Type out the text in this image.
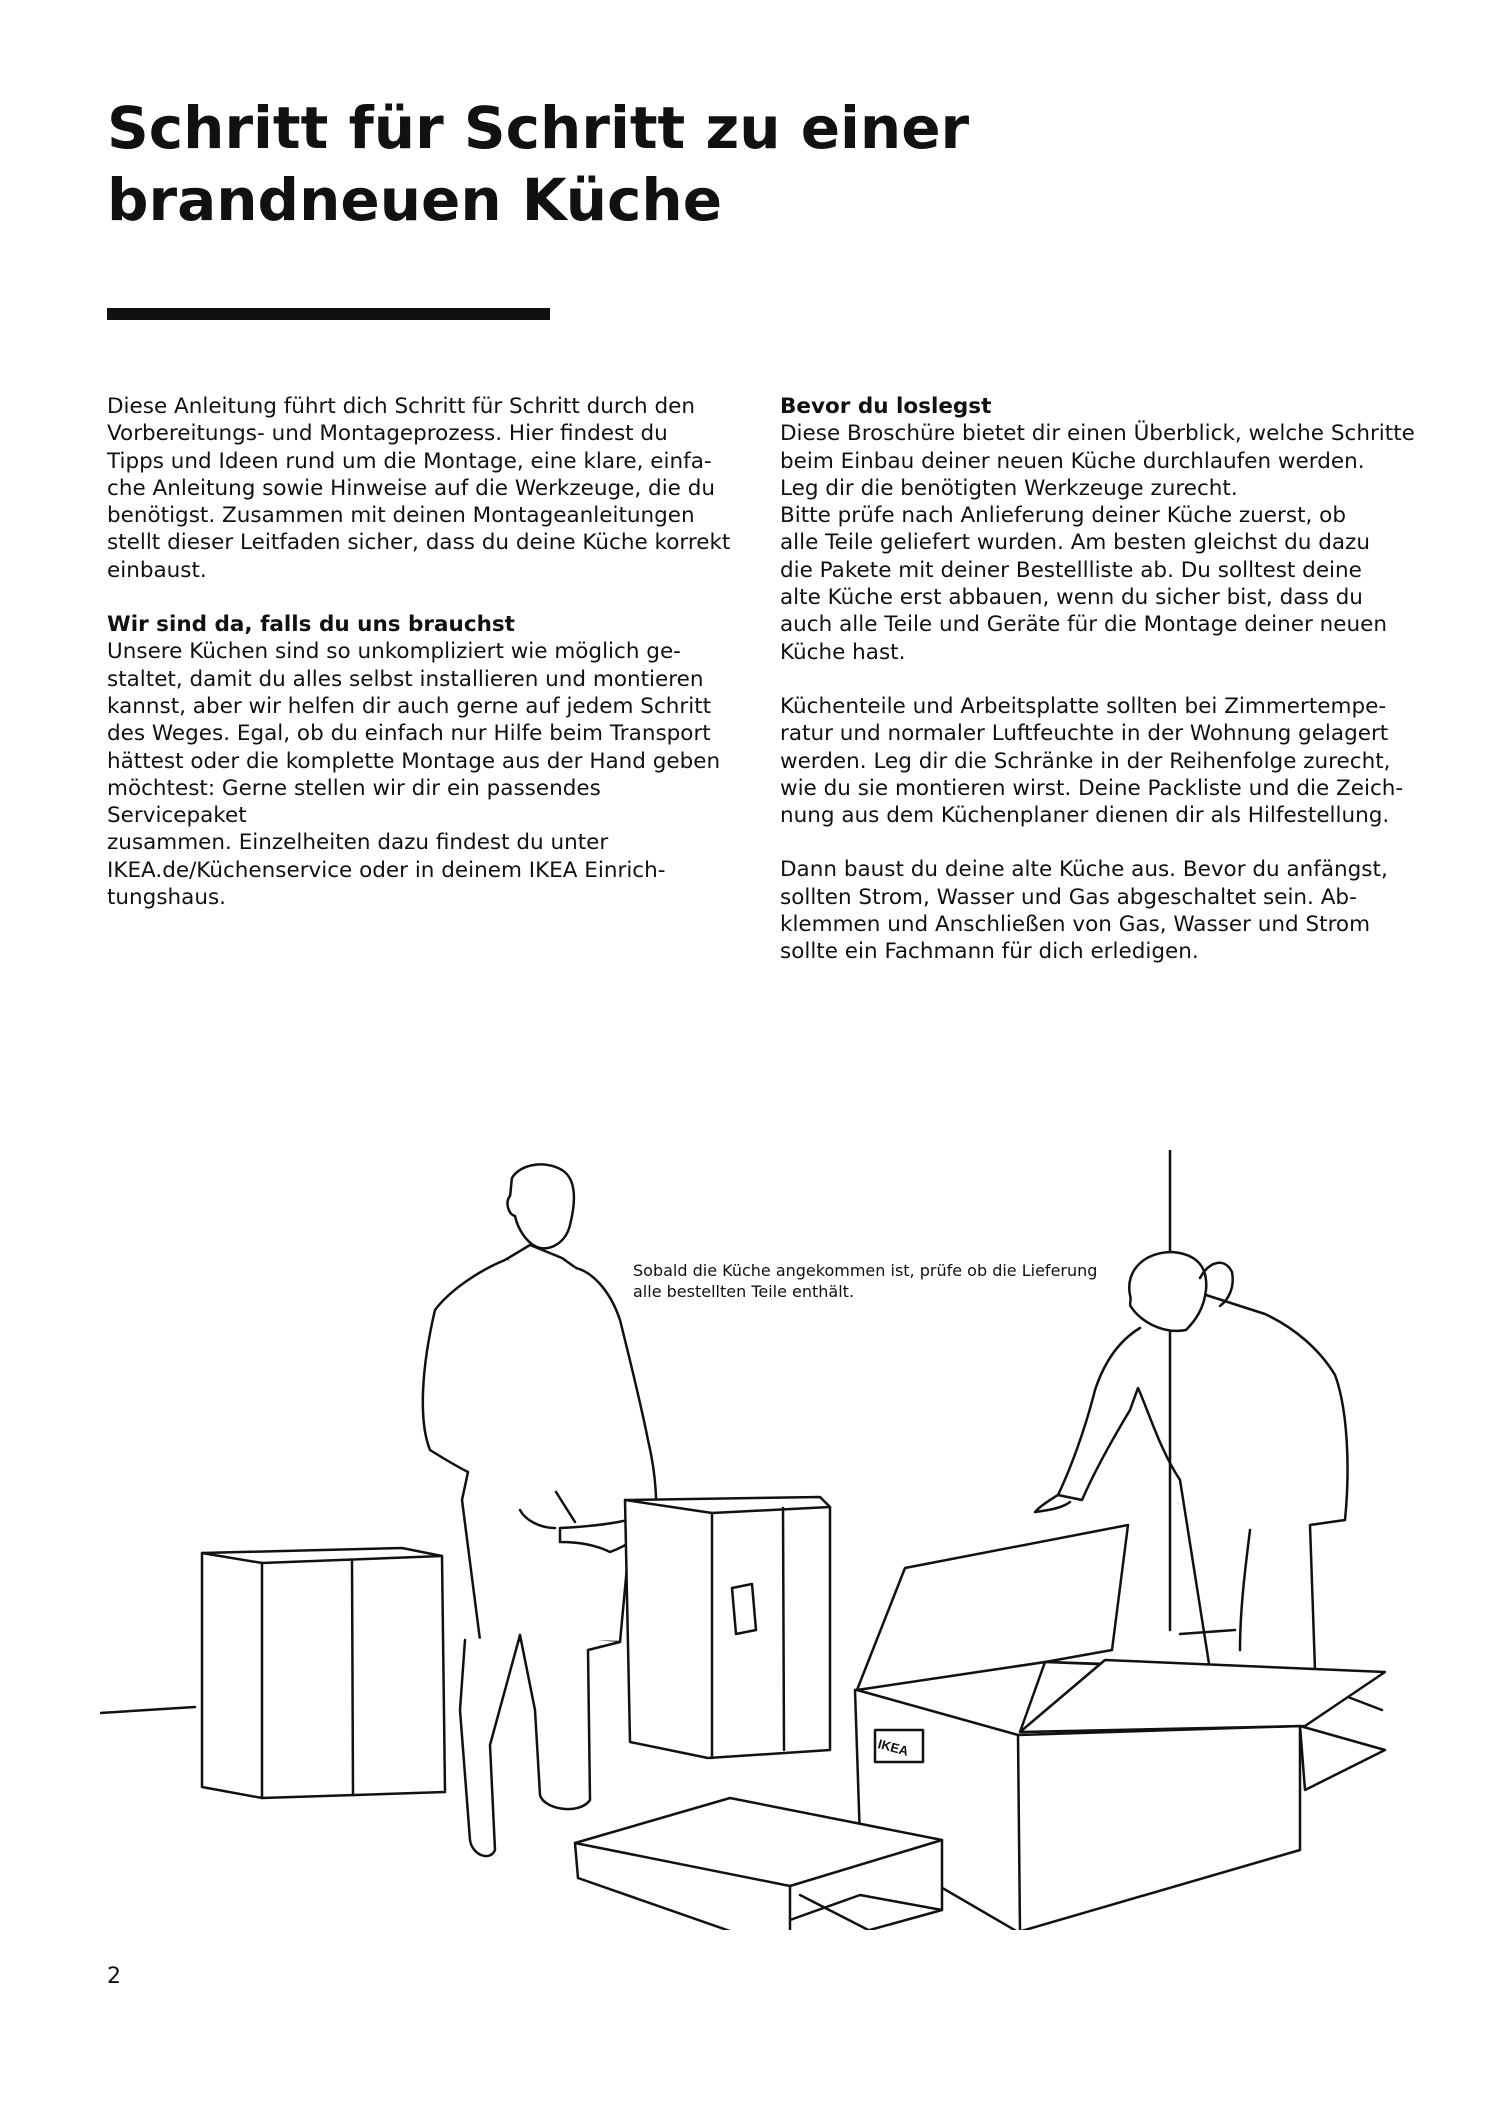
Schritt für Schritt zu einer
brandneuen Küche

Diese Anleitung führt dich Schritt für Schritt durch den
Vorbereitungs- und Montageprozess. Hier findest du
Tipps und Ideen rund um die Montage, eine klare, einfa-
che Anleitung sowie Hinweise auf die Werkzeuge, die du
benötigst. Zusammen mit deinen Montageanleitungen
stellt dieser Leitfaden sicher, dass du deine Küche korrekt
einbaust.

Wir sind da, falls du uns brauchst

Unsere Küchen sind so unkompliziert wie möglich ge-
staltet, damit du alles selbst installieren und montieren
kannst, aber wir helfen dir auch gerne auf jedem Schritt
des Weges. Egal, ob du einfach nur Hilfe beim Transport
hättest oder die komplette Montage aus der Hand geben
möchtest: Gerne stellen wir dir ein passendes Servicepaket
zusammen. Einzelheiten dazu findest du unter
IKEA.de/Küchenservice oder in deinem IKEA Einrich-
tungshaus.

Bevor du loslegst

Diese Broschüre bietet dir einen Überblick, welche Schritte
beim Einbau deiner neuen Küche durchlaufen werden.
Leg dir die benötigten Werkzeuge zurecht.
Bitte prüfe nach Anlieferung deiner Küche zuerst, ob
alle Teile geliefert wurden. Am besten gleichst du dazu
die Pakete mit deiner Bestellliste ab. Du solltest deine
alte Küche erst abbauen, wenn du sicher bist, dass du
auch alle Teile und Geräte für die Montage deiner neuen
Küche hast.

Küchenteile und Arbeitsplatte sollten bei Zimmertempe-
ratur und normaler Luftfeuchte in der Wohnung gelagert
werden. Leg dir die Schränke in der Reihenfolge zurecht,
wie du sie montieren wirst. Deine Packliste und die Zeich-
nung aus dem Küchenplaner dienen dir als Hilfestellung.

Dann baust du deine alte Küche aus. Bevor du anfängst,
sollten Strom, Wasser und Gas abgeschaltet sein. Ab-
klemmen und Anschließen von Gas, Wasser und Strom
sollte ein Fachmann für dich erledigen.

IKEA
Sobald die Küche angekommen ist, prüfe ob die Lieferung
alle bestellten Teile enthält.
2
